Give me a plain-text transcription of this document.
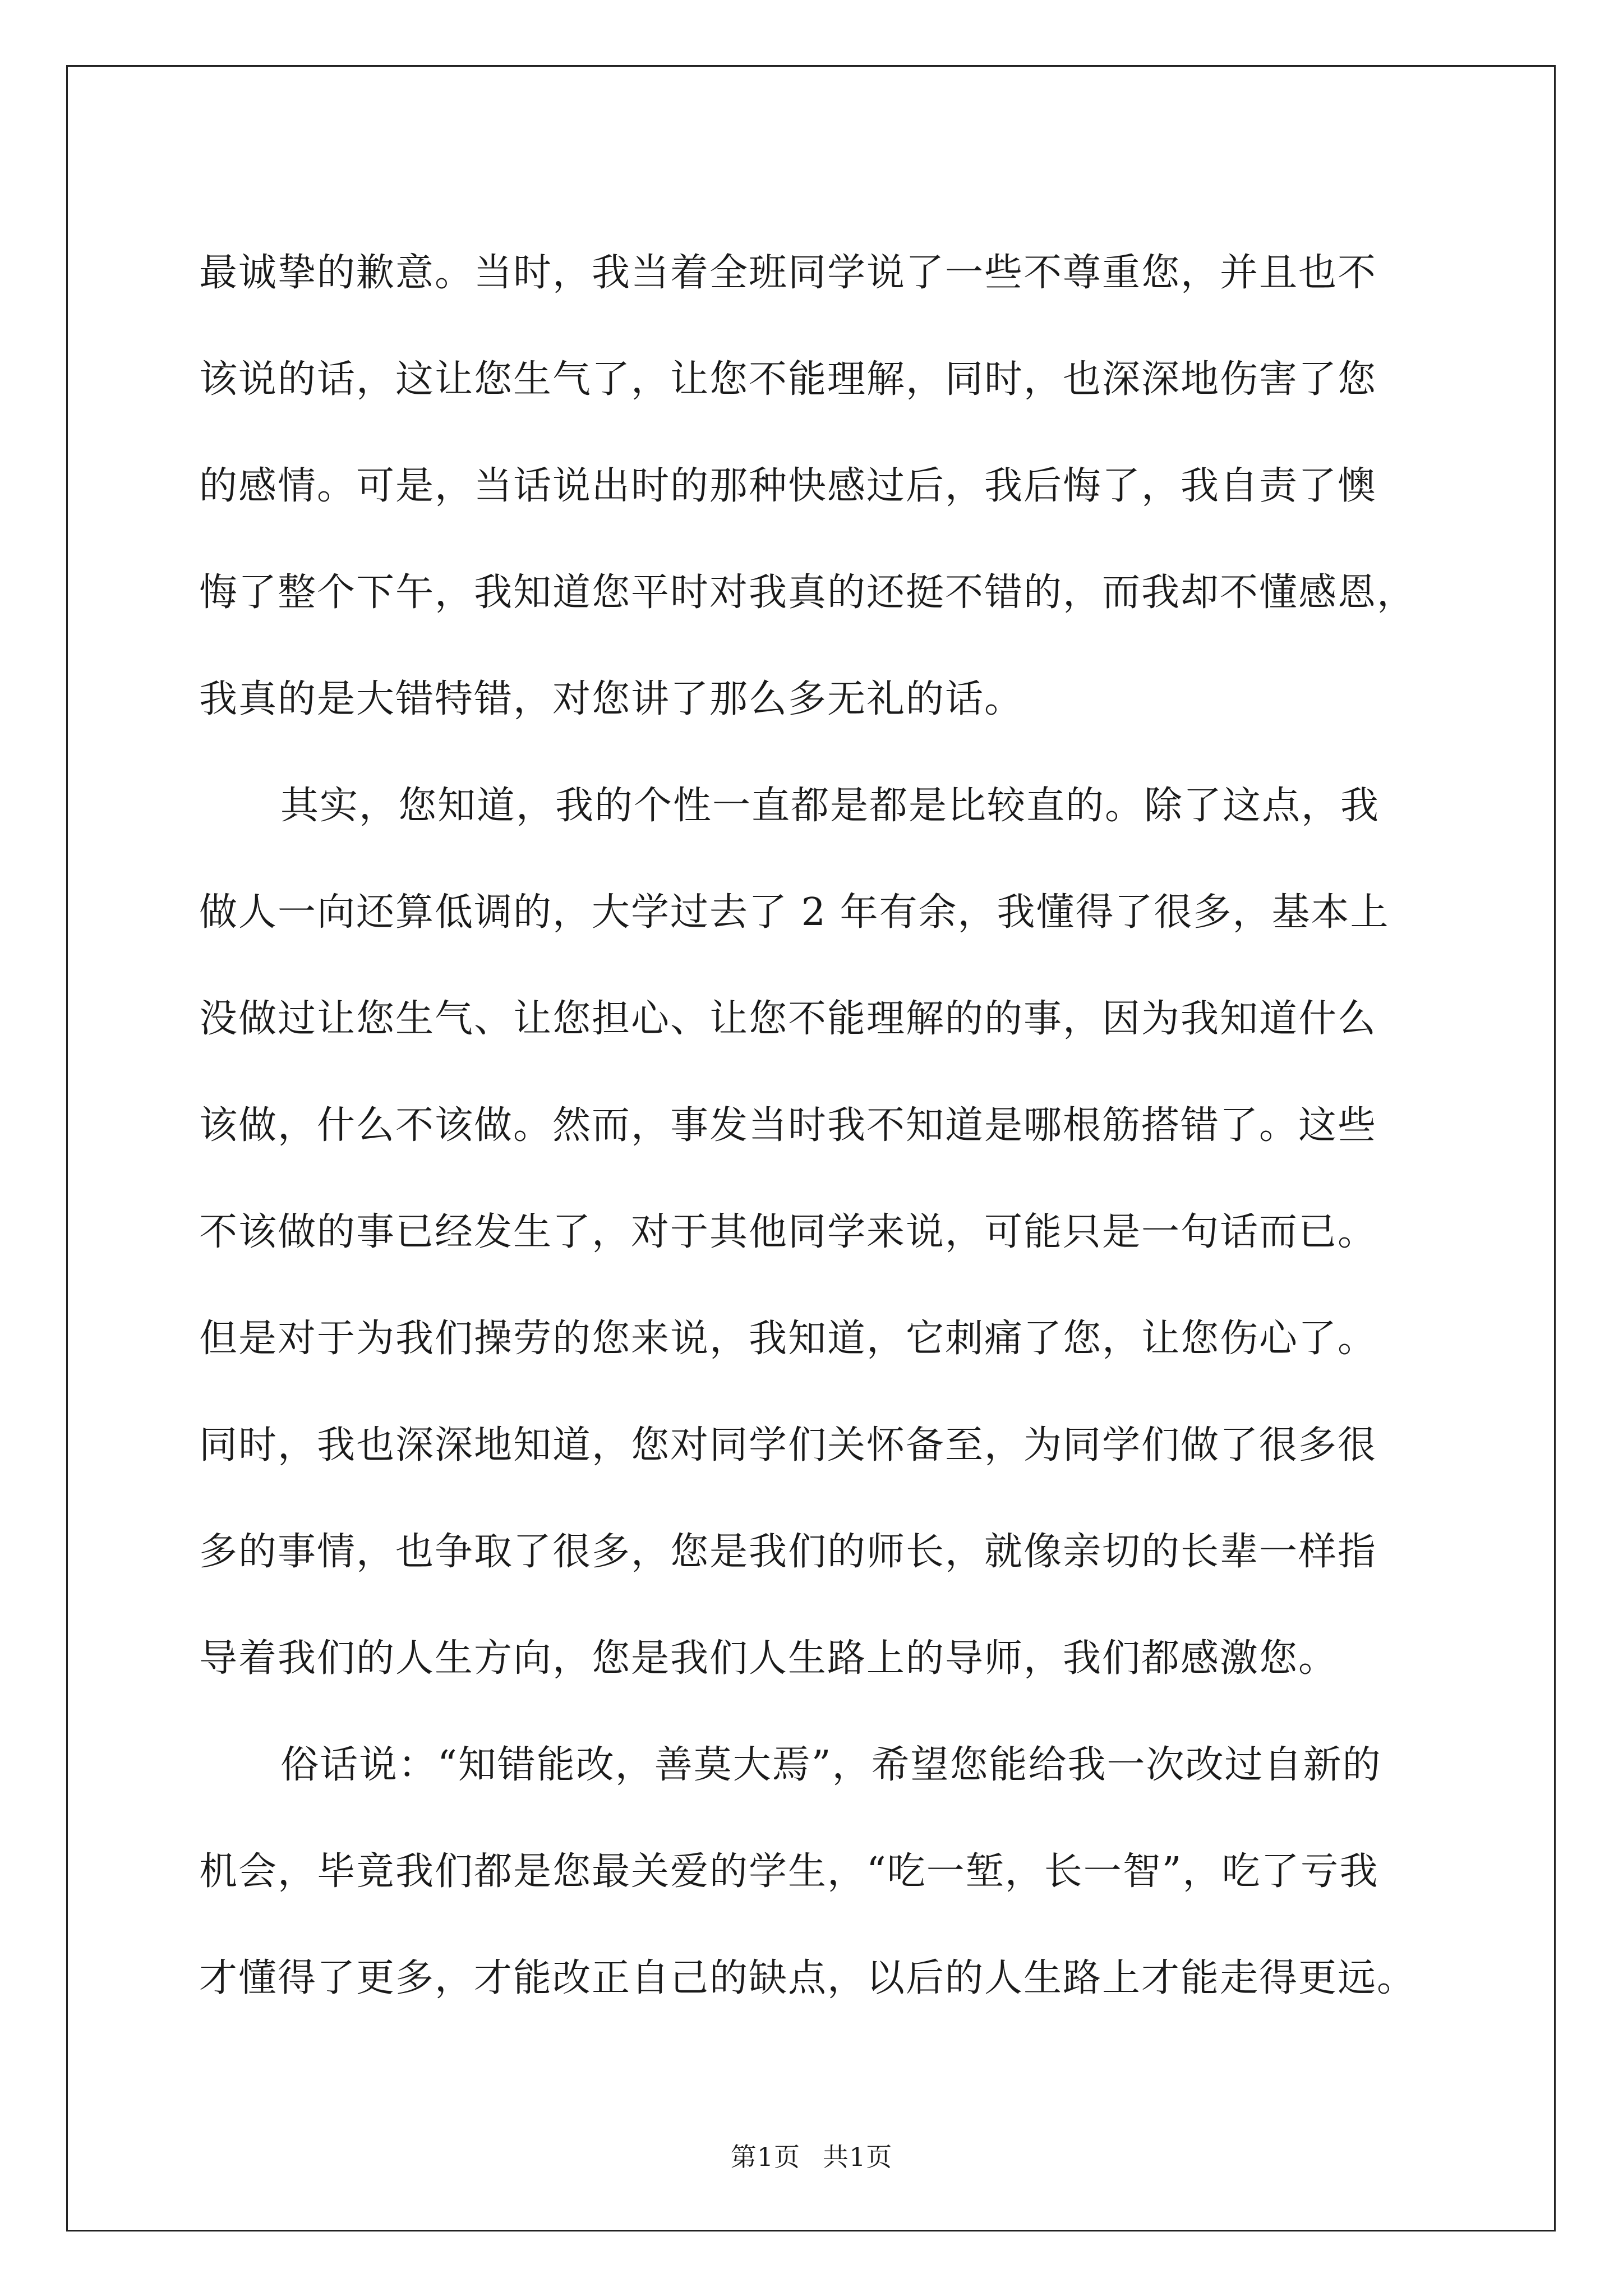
最诚挚的歉意。当时，我当着全班同学说了一些不尊重您，并且也不
该说的话，这让您生气了，让您不能理解，同时，也深深地伤害了您
的感情。可是，当话说出时的那种快感过后，我后悔了，我自责了懊
悔了整个下午，我知道您平时对我真的还挺不错的，而我却不懂感恩，
我真的是大错特错，对您讲了那么多无礼的话。
其实，您知道，我的个性一直都是都是比较直的。除了这点，我
做人一向还算低调的，大学过去了 2 年有余，我懂得了很多，基本上
没做过让您生气、让您担心、让您不能理解的的事，因为我知道什么
该做，什么不该做。然而，事发当时我不知道是哪根筋搭错了。这些
不该做的事已经发生了，对于其他同学来说，可能只是一句话而已。
但是对于为我们操劳的您来说，我知道，它刺痛了您，让您伤心了。
同时，我也深深地知道，您对同学们关怀备至，为同学们做了很多很
多的事情，也争取了很多，您是我们的师长，就像亲切的长辈一样指
导着我们的人生方向，您是我们人生路上的导师，我们都感激您。
俗话说：“知错能改，善莫大焉”，希望您能给我一次改过自新的
机会，毕竟我们都是您最关爱的学生，“吃一堑，长一智”，吃了亏我
才懂得了更多，才能改正自己的缺点，以后的人生路上才能走得更远。
第1页 共1页
